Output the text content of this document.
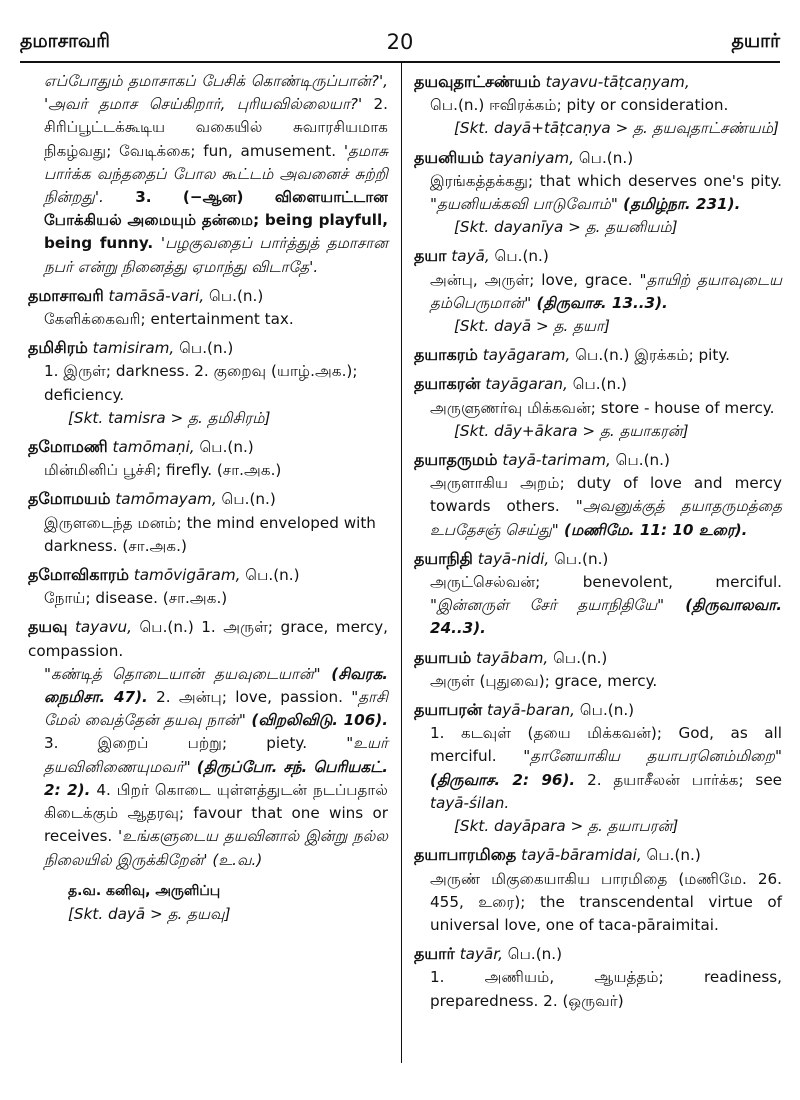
தமாசாவரி	20	தயார்

எப்போதும் தமாசாகப் பேசிக் கொண்டிருப்பான்?', 'அவர் தமாச செய்கிறார், புரியவில்லையா?' 2. சிரிப்பூட்டக்கூடிய வகையில் சுவாரசியமாக நிகழ்வது; வேடிக்கை; fun, amusement. 'தமாசு பார்க்க வந்ததைப் போல கூட்டம் அவனைச் சுற்றி நின்றது'. 3. (−ஆன) விளையாட்டான போக்கியல் அமையும் தன்மை; being playfull, being funny. 'பழகுவதைப் பார்த்துத் தமாசான நபர் என்று நினைத்து ஏமாந்து விடாதே'.

தமாசாவரி tamāsā-vari, பெ.(n.)

கேளிக்கைவரி; entertainment tax.

தமிசிரம் tamisiram, பெ.(n.)

1. இருள்; darkness. 2. குறைவு (யாழ்.அக.); deficiency.

[Skt. tamisra > த. தமிசிரம்]

தமோமணி tamōmaṇi, பெ.(n.)

மின்மினிப் பூச்சி; firefly. (சா.அக.)

தமோமயம் tamōmayam, பெ.(n.)

இருளடைந்த மனம்; the mind enveloped with darkness. (சா.அக.)

தமோவிகாரம் tamōvigāram, பெ.(n.)

நோய்; disease. (சா.அக.)

தயவு tayavu, பெ.(n.) 1. அருள்; grace, mercy, compassion.

"கண்டித் தொடையான் தயவுடையான்" (சிவரக. நைமிசா. 47). 2. அன்பு; love, passion. "தாசி மேல் வைத்தேன் தயவு நான்" (விறலிவிடு. 106). 3. இறைப் பற்று; piety. "உயர் தயவினிணையுமவர்" (திருப்போ. சந். பெரியகட். 2: 2). 4. பிறர் கொடை யுள்ளத்துடன் நடப்பதால் கிடைக்கும் ஆதரவு; favour that one wins or receives. 'உங்களுடைய தயவினால் இன்று நல்ல நிலையில் இருக்கிறேன்' (உ.வ.)

த.வ. கனிவு, அருளிப்பு

[Skt. dayā > த. தயவு]

தயவுதாட்சண்யம் tayavu-tāṭcaṇyam,

பெ.(n.) ஈவிரக்கம்; pity or consideration.

[Skt. dayā+tāṭcaṇya > த. தயவுதாட்சண்யம்]

தயனியம் tayaniyam, பெ.(n.)

இரங்கத்தக்கது; that which deserves one's pity. "தயனியக்கவி பாடுவோம்" (தமிழ்நா. 231).

[Skt. dayanīya > த. தயனியம்]

தயா tayā, பெ.(n.)

அன்பு, அருள்; love, grace. "தாயிற் தயாவுடைய தம்பெருமான்" (திருவாச. 13..3).

[Skt. dayā > த. தயா]

தயாகரம் tayāgaram, பெ.(n.) இரக்கம்; pity.

தயாகரன் tayāgaran, பெ.(n.)

அருளுணர்வு மிக்கவன்; store - house of mercy.

[Skt. dāy+ākara > த. தயாகரன்]

தயாதருமம் tayā-tarimam, பெ.(n.)

அருளாகிய அறம்; duty of love and mercy towards others. "அவனுக்குத் தயாதருமத்தை உபதேசஞ் செய்து" (மணிமே. 11: 10 உரை).

தயாநிதி tayā-nidi, பெ.(n.)

அருட்செல்வன்; benevolent, merciful. "இன்னருள் சேர் தயாநிதியே" (திருவாலவா. 24..3).

தயாபம் tayābam, பெ.(n.)

அருள் (புதுவை); grace, mercy.

தயாபரன் tayā-baran, பெ.(n.)

1. கடவுள் (தயை மிக்கவன்); God, as all merciful. "தானேயாகிய தயாபரனெம்மிறை" (திருவாச. 2: 96). 2. தயாசீலன் பார்க்க; see tayā-śilan.

[Skt. dayāpara > த. தயாபரன்]

தயாபாரமிதை tayā-bāramidai, பெ.(n.)

அருண் மிகுகையாகிய பாரமிதை (மணிமே. 26. 455, உரை); the transcendental virtue of universal love, one of taca-pāraimitai.

தயார் tayār, பெ.(n.)

1. அணியம், ஆயத்தம்; readiness, preparedness. 2. (ஒருவர்)
